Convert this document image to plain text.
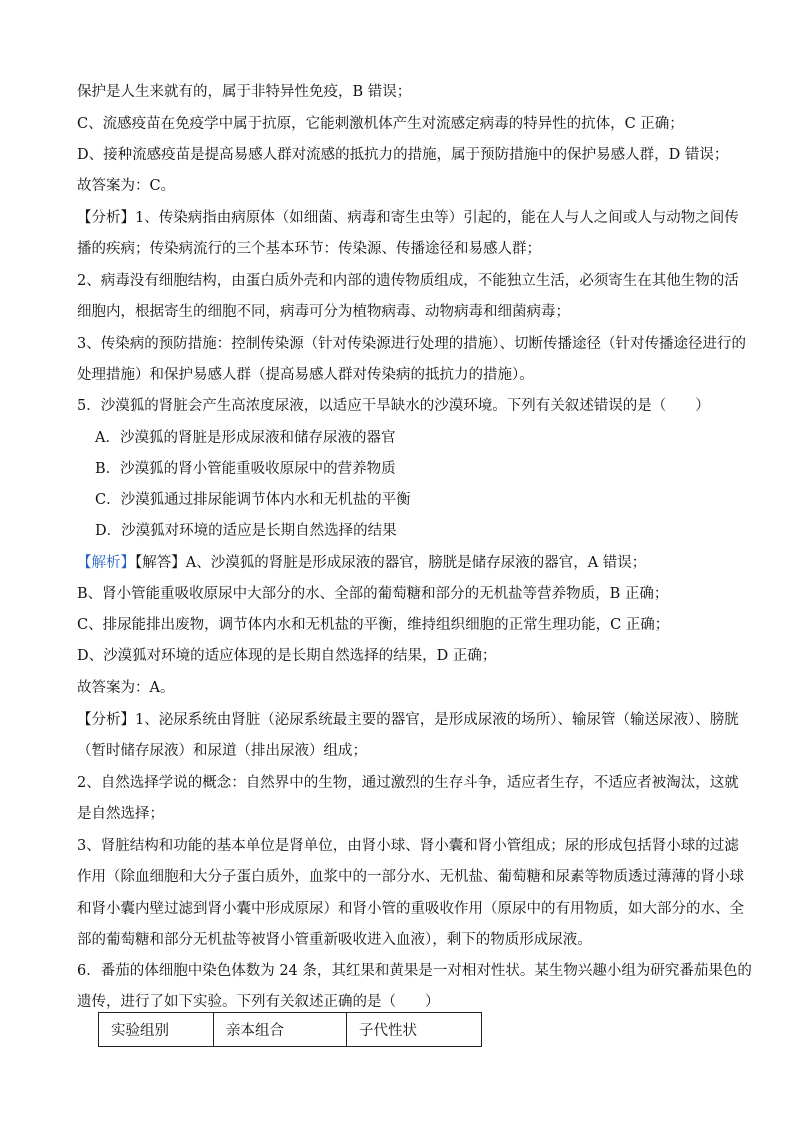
保护是人生来就有的，属于非特异性免疫，B 错误；
C、流感疫苗在免疫学中属于抗原，它能刺激机体产生对流感定病毒的特异性的抗体，C 正确；
D、接种流感疫苗是提高易感人群对流感的抵抗力的措施，属于预防措施中的保护易感人群，D 错误；
故答案为：C。
【分析】1、传染病指由病原体（如细菌、病毒和寄生虫等）引起的，能在人与人之间或人与动物之间传
播的疾病；传染病流行的三个基本环节：传染源、传播途径和易感人群；
2、病毒没有细胞结构，由蛋白质外壳和内部的遗传物质组成，不能独立生活，必须寄生在其他生物的活
细胞内，根据寄生的细胞不同，病毒可分为植物病毒、动物病毒和细菌病毒；
3、传染病的预防措施：控制传染源（针对传染源进行处理的措施）、切断传播途径（针对传播途径进行的
处理措施）和保护易感人群（提高易感人群对传染病的抵抗力的措施）。
5．沙漠狐的肾脏会产生高浓度尿液，以适应干旱缺水的沙漠环境。下列有关叙述错误的是（　　）
A．沙漠狐的肾脏是形成尿液和储存尿液的器官
B．沙漠狐的肾小管能重吸收原尿中的营养物质
C．沙漠狐通过排尿能调节体内水和无机盐的平衡
D．沙漠狐对环境的适应是长期自然选择的结果
【解析】【解答】A、沙漠狐的肾脏是形成尿液的器官，膀胱是储存尿液的器官，A 错误；
B、肾小管能重吸收原尿中大部分的水、全部的葡萄糖和部分的无机盐等营养物质，B 正确；
C、排尿能排出废物，调节体内水和无机盐的平衡，维持组织细胞的正常生理功能，C 正确；
D、沙漠狐对环境的适应体现的是长期自然选择的结果，D 正确；
故答案为：A。
【分析】1、泌尿系统由肾脏（泌尿系统最主要的器官，是形成尿液的场所）、输尿管（输送尿液）、膀胱
（暂时储存尿液）和尿道（排出尿液）组成；
2、自然选择学说的概念：自然界中的生物，通过激烈的生存斗争，适应者生存，不适应者被淘汰，这就
是自然选择；
3、肾脏结构和功能的基本单位是肾单位，由肾小球、肾小囊和肾小管组成；尿的形成包括肾小球的过滤
作用（除血细胞和大分子蛋白质外，血浆中的一部分水、无机盐、葡萄糖和尿素等物质透过薄薄的肾小球
和肾小囊内壁过滤到肾小囊中形成原尿）和肾小管的重吸收作用（原尿中的有用物质，如大部分的水、全
部的葡萄糖和部分无机盐等被肾小管重新吸收进入血液），剩下的物质形成尿液。
6．番茄的体细胞中染色体数为 24 条，其红果和黄果是一对相对性状。某生物兴趣小组为研究番茄果色的
遗传，进行了如下实验。下列有关叙述正确的是（　　）
实验组别	亲本组合	子代性状
